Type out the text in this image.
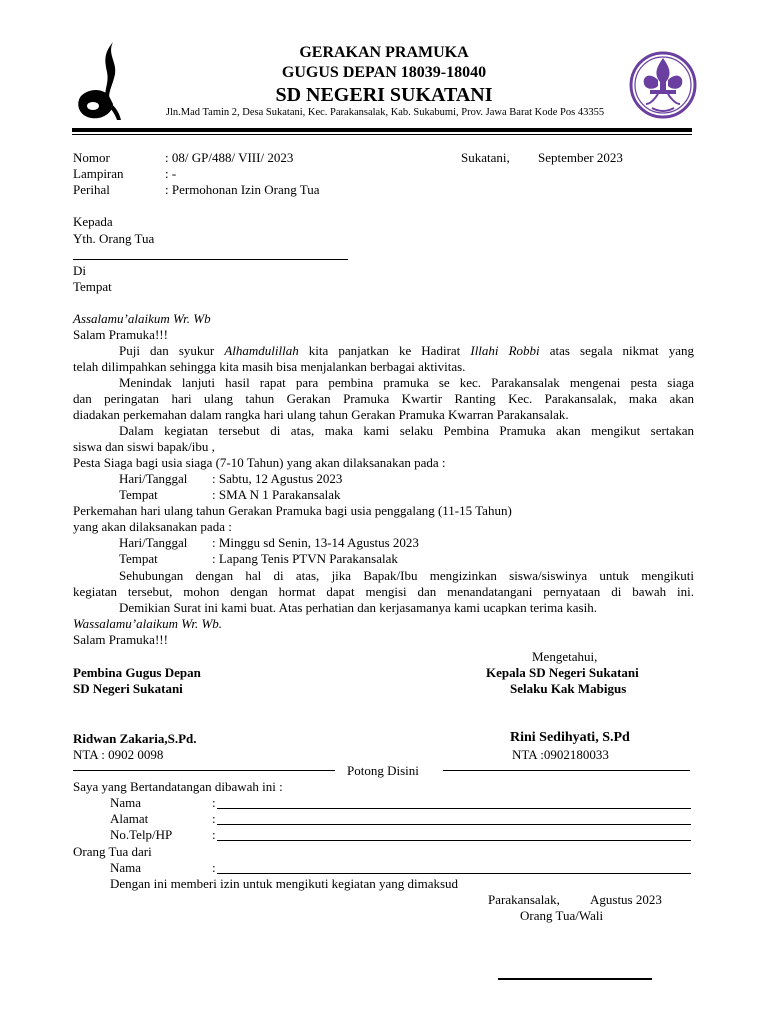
GERAKAN PRAMUKA
GUGUS DEPAN 18039-18040
SD NEGERI SUKATANI
Jln.Mad Tamin 2, Desa Sukatani, Kec. Parakansalak, Kab. Sukabumi, Prov. Jawa Barat Kode Pos 43355
Nomor	: 08/ GP/488/ VIII/ 2023	Sukatani, September 2023
Lampiran	: -
Perihal	: Permohonan Izin Orang Tua
Kepada
Yth. Orang Tua
Di
Tempat
Assalamu’alaikum Wr. Wb
Salam Pramuka!!!
Puji dan syukur Alhamdulillah kita panjatkan ke Hadirat Illahi Robbi atas segala nikmat yang
telah dilimpahkan sehingga kita masih bisa menjalankan berbagai aktivitas.
Menindak lanjuti hasil rapat para pembina pramuka se kec. Parakansalak mengenai pesta siaga
dan peringatan hari ulang tahun Gerakan Pramuka Kwartir Ranting Kec. Parakansalak, maka akan
diadakan perkemahan dalam rangka hari ulang tahun Gerakan Pramuka Kwarran Parakansalak.
Dalam kegiatan tersebut di atas, maka kami selaku Pembina Pramuka akan mengikut sertakan
siswa dan siswi bapak/ibu ,
Pesta Siaga bagi usia siaga (7-10 Tahun) yang akan dilaksanakan pada :
Hari/Tanggal : Sabtu, 12 Agustus 2023
Tempat	: SMA N 1 Parakansalak
Perkemahan hari ulang tahun Gerakan Pramuka bagi usia penggalang (11-15 Tahun)
yang akan dilaksanakan pada :
Hari/Tanggal : Minggu sd Senin, 13-14 Agustus 2023
Tempat	: Lapang Tenis PTVN Parakansalak
Sehubungan dengan hal di atas, jika Bapak/Ibu mengizinkan siswa/siswinya untuk mengikuti
kegiatan tersebut, mohon dengan hormat dapat mengisi dan menandatangani pernyataan di bawah ini.
Demikian Surat ini kami buat. Atas perhatian dan kerjasamanya kami ucapkan terima kasih.
Wassalamu’alaikum Wr. Wb.
Salam Pramuka!!!
Mengetahui,
Pembina Gugus Depan	Kepala SD Negeri Sukatani
SD Negeri Sukatani	Selaku Kak Mabigus
Ridwan Zakaria,S.Pd.	Rini Sedihyati, S.Pd
NTA : 0902 0098	NTA :0902180033
Potong Disini
Saya yang Bertandatangan dibawah ini :
Nama	:
Alamat	:
No.Telp/HP	:
Orang Tua dari
Nama	:
Dengan ini memberi izin untuk mengikuti kegiatan yang dimaksud
Parakansalak, Agustus 2023
Orang Tua/Wali
